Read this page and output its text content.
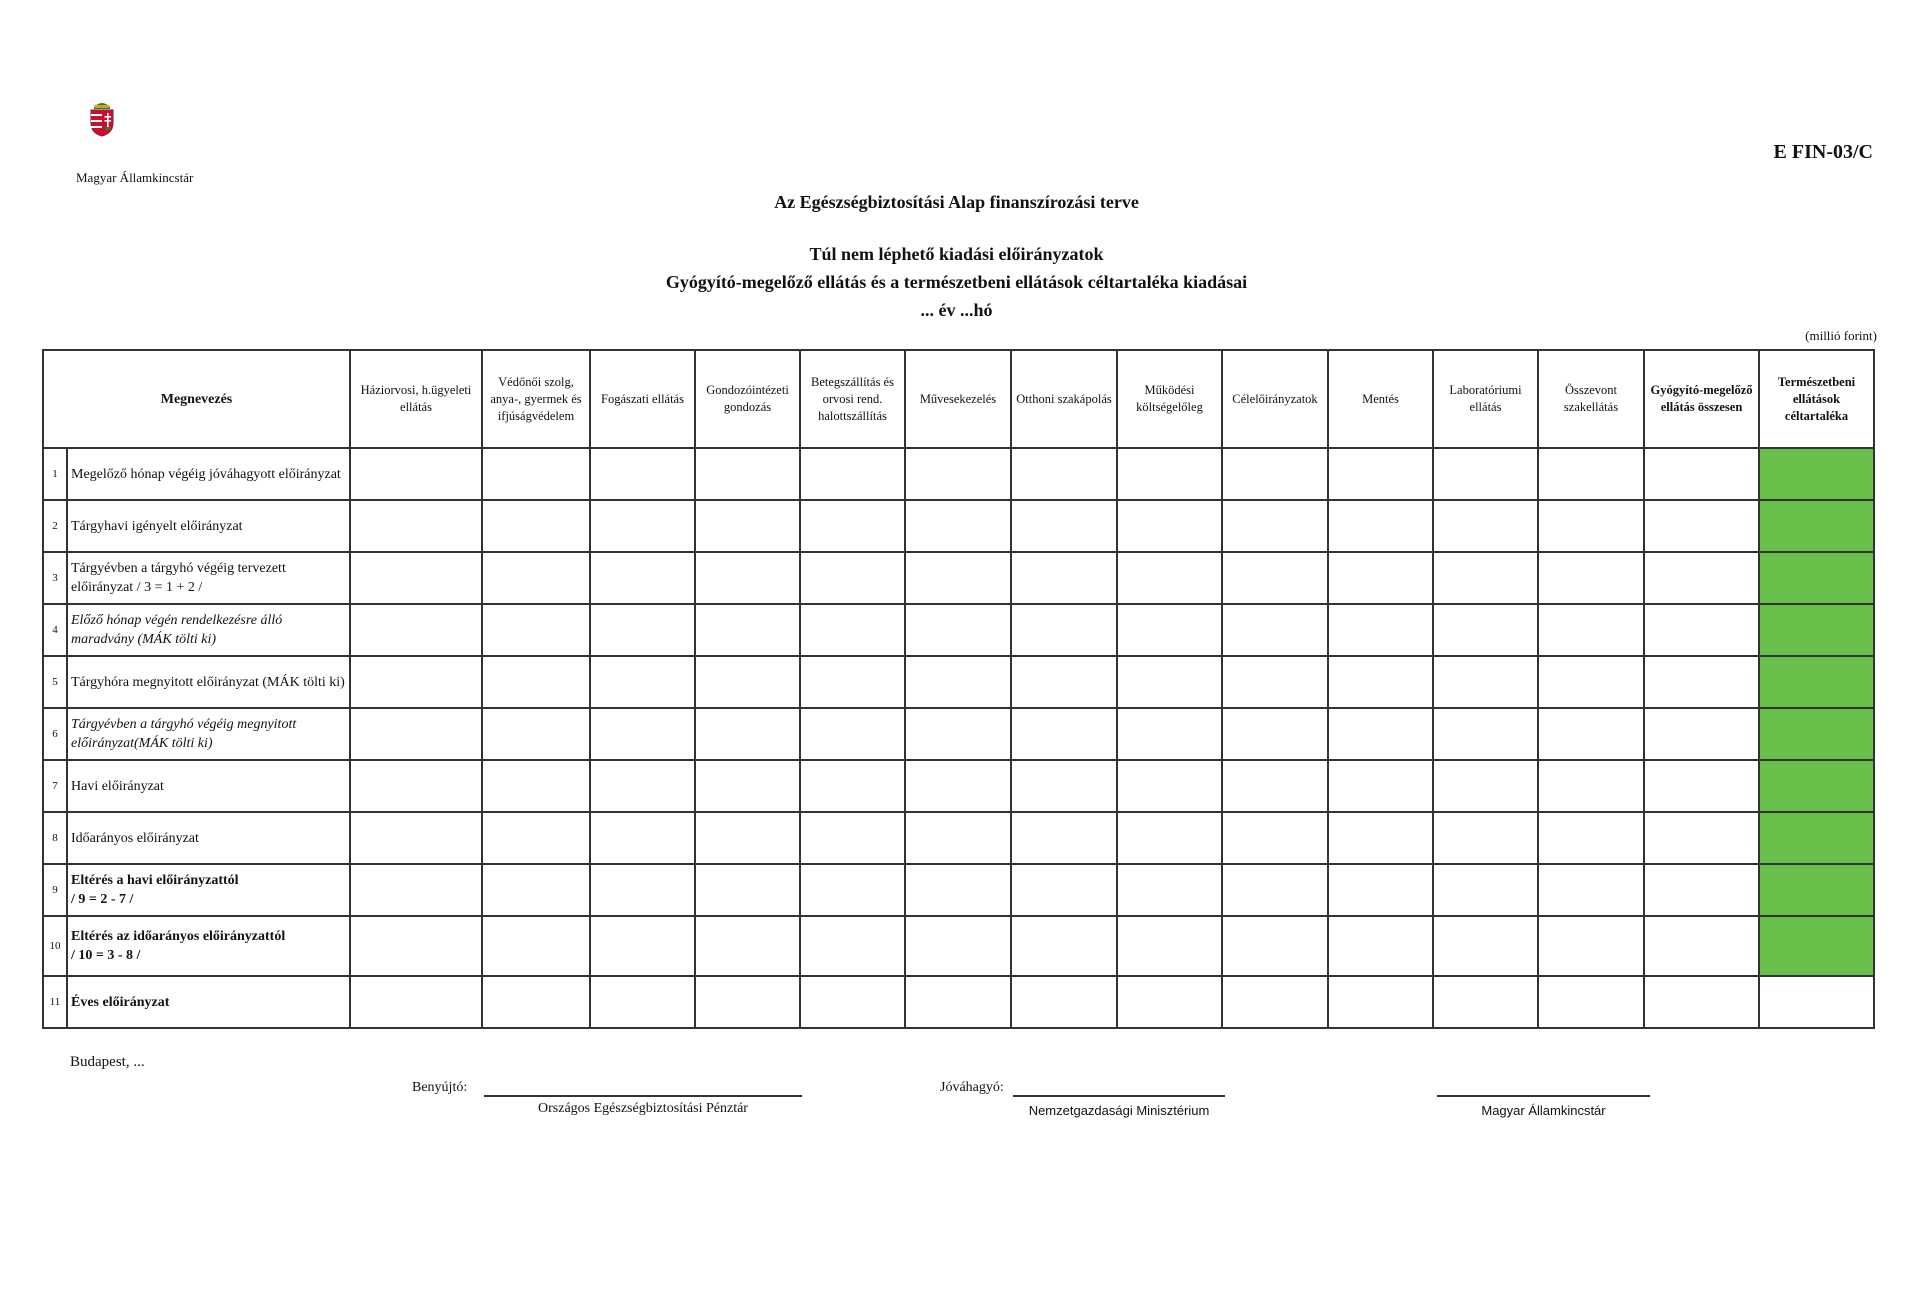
Magyar Államkincstár
E FIN-03/C
Az Egészségbiztosítási Alap finanszírozási terve
Túl nem léphető kiadási előirányzatok
Gyógyító-megelőző ellátás és a természetbeni ellátások céltartaléka kiadásai
... év ...hó
(millió forint)
Megnevezés		Háziorvosi, h.ügyeleti ellátás	Védőnői szolg, anya-, gyermek és ifjúságvédelem	Fogászati ellátás	Gondozóintézeti gondozás	Betegszállítás és orvosi rend. halottszállítás	Művesekezelés	Otthoni szakápolás	Működési költségelőleg	Célelőirányzatok	Mentés	Laboratóriumi ellátás	Összevont szakellátás	Gyógyító-megelőző ellátás összesen	Természetbeni ellátások céltartaléka
1	Megelőző hónap végéig jóváhagyott előirányzat														
2	Tárgyhavi igényelt előirányzat														
3	Tárgyévben a tárgyhó végéig tervezett előirányzat / 3 = 1 + 2 /														
4	Előző hónap végén rendelkezésre álló maradvány (MÁK tölti ki)														
5	Tárgyhóra megnyitott előirányzat (MÁK tölti ki)														
6	Tárgyévben a tárgyhó végéig megnyitott előirányzat(MÁK tölti ki)														
7	Havi előirányzat														
8	Időarányos előirányzat														
9	Eltérés a havi előirányzattól
/ 9 = 2 - 7 /														

10	Eltérés az időarányos előirányzattól
/ 10 = 3 - 8 /														

11	Éves előirányzat														
Budapest, ...
Benyújtó:
Országos Egészségbiztosítási Pénztár
Jóváhagyó:
Nemzetgazdasági Minisztérium	Magyar Államkincstár
